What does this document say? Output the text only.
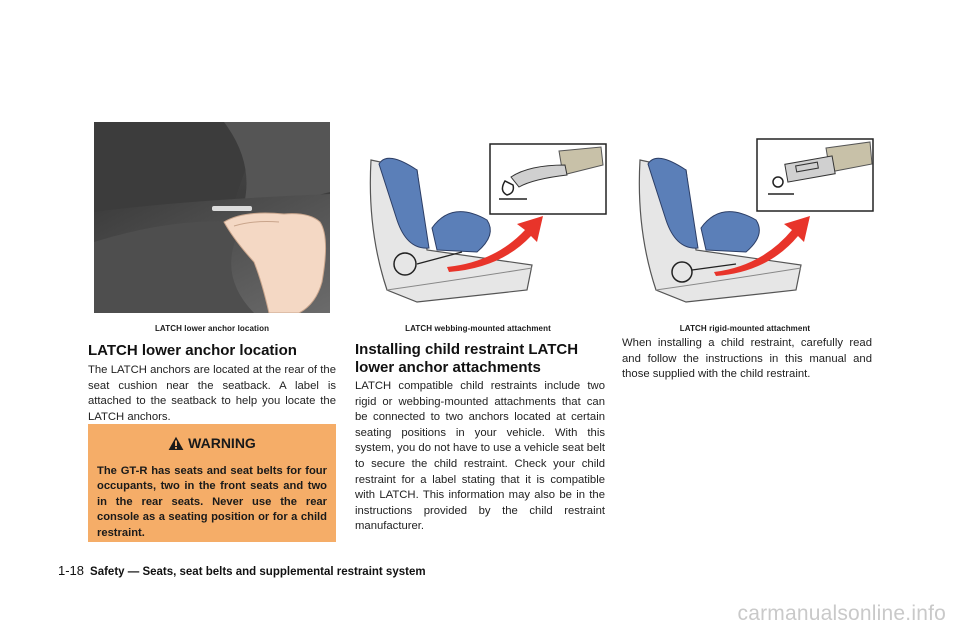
LATCH lower anchor location
LATCH lower anchor location

The LATCH anchors are located at the rear of the seat cushion near the seatback. A label is attached to the seatback to help you locate the LATCH anchors.

WARNING

The GT-R has seats and seat belts for four occupants, two in the front seats and two in the rear seats. Never use the rear console as a seating position or for a child restraint.

LATCH webbing-mounted attachment
Installing child restraint LATCH lower anchor attachments

LATCH compatible child restraints include two rigid or webbing-mounted attachments that can be connected to two anchors located at certain seating positions in your vehicle. With this system, you do not have to use a vehicle seat belt to secure the child restraint. Check your child restraint for a label stating that it is compatible with LATCH. This information may also be in the instructions provided by the child restraint manufacturer.

LATCH rigid-mounted attachment

When installing a child restraint, carefully read and follow the instructions in this manual and those supplied with the child restraint.

1-18 Safety — Seats, seat belts and supplemental restraint system
carmanualsonline.info
